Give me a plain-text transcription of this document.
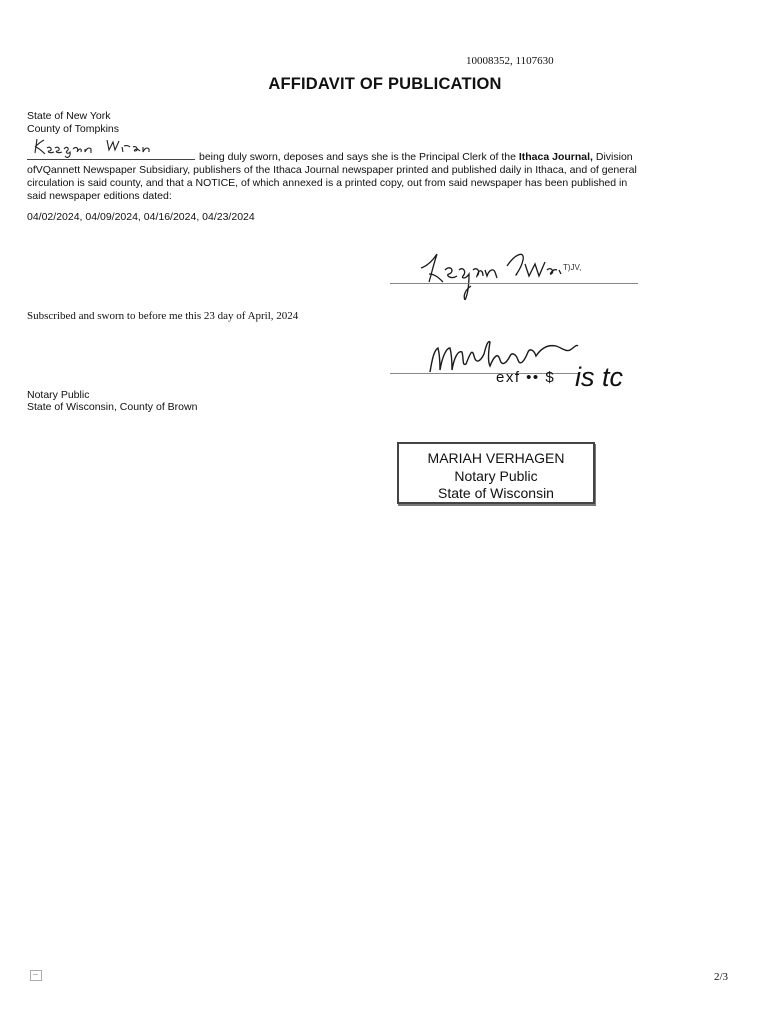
10008352, 1107630
AFFIDAVIT OF PUBLICATION
State of New York
County of Tompkins
being duly sworn, deposes and says she is the Principal Clerk of the Ithaca Journal, Division ofVQannett Newspaper Subsidiary, publishers of the Ithaca Journal newspaper printed and published daily in Ithaca, and of general circulation is said county, and that a NOTICE, of which annexed is a printed copy, out from said newspaper has been published in said newspaper editions dated:
04/02/2024, 04/09/2024, 04/16/2024, 04/23/2024
T)JV,
Subscribed and sworn to before me this 23 day of April, 2024
exf •• $ is tc
Notary Public
State of Wisconsin, County of Brown
MARIAH VERHAGEN
Notary Public
State of Wisconsin
2/3
